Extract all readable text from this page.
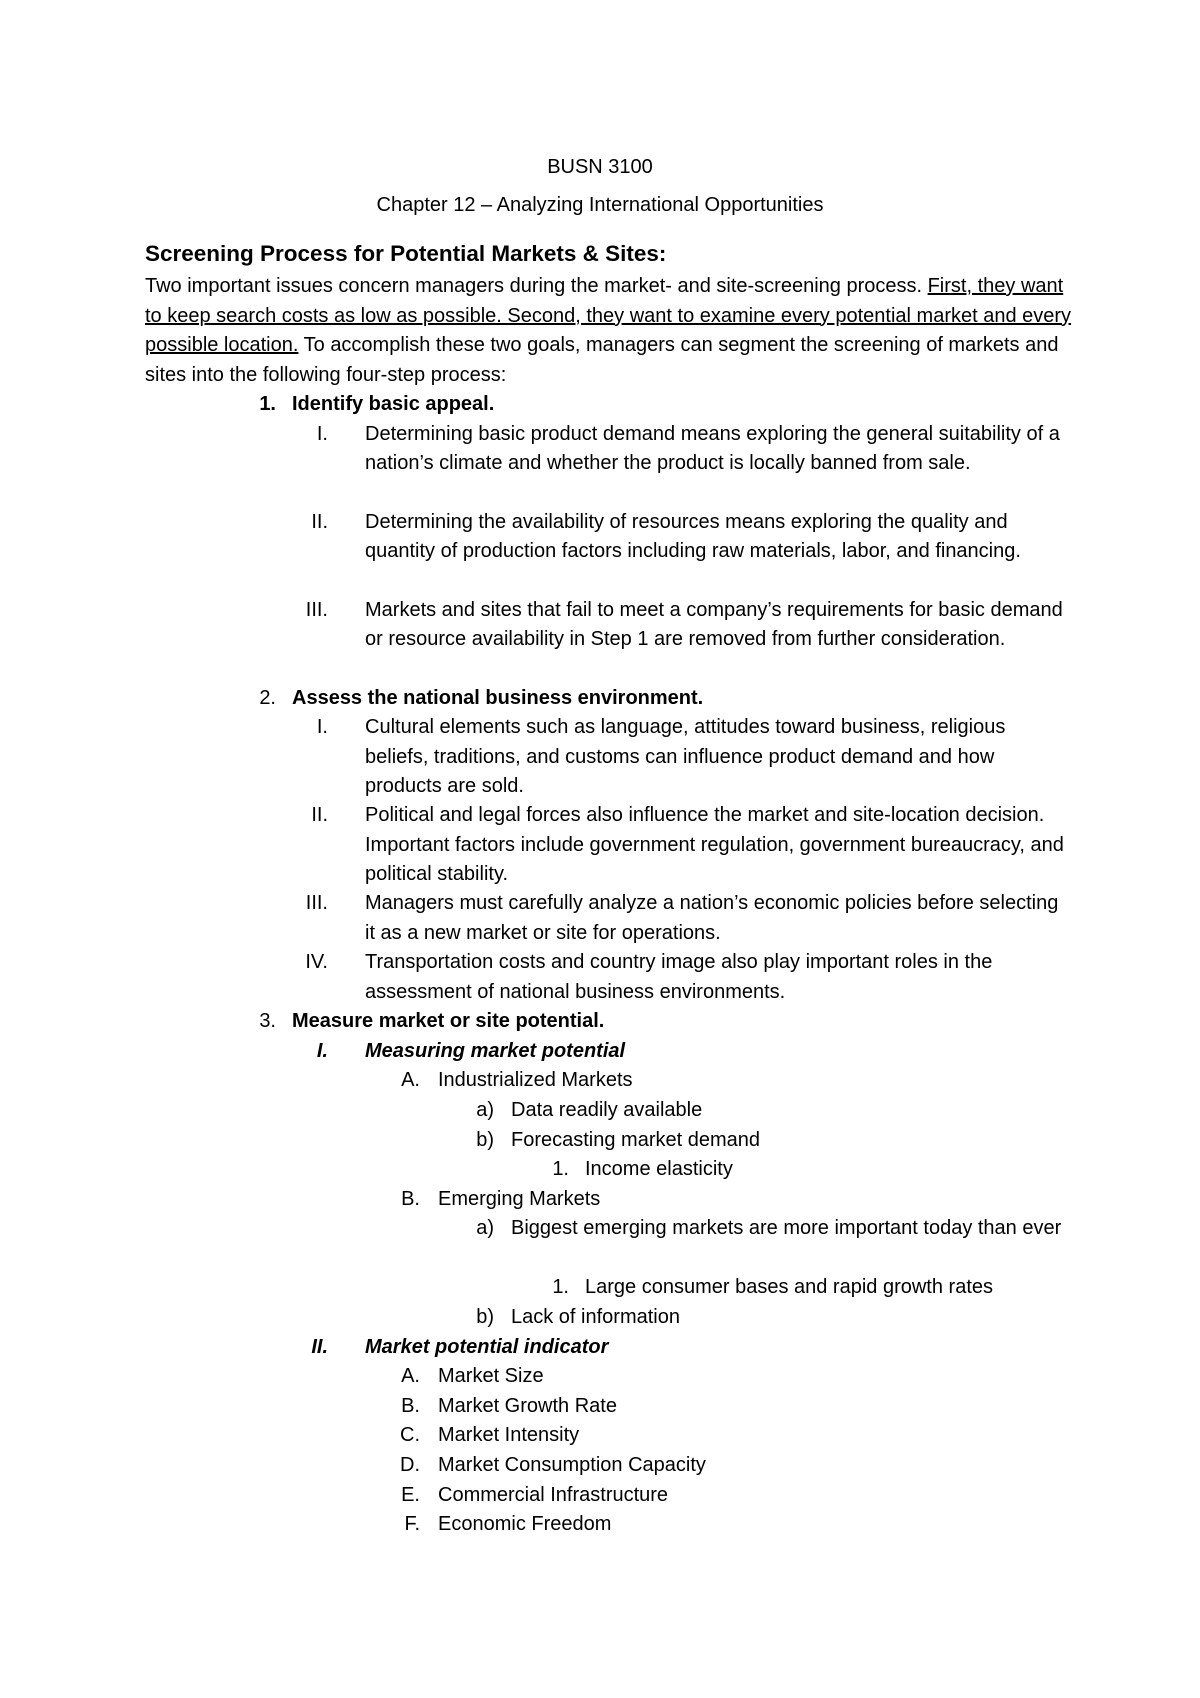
BUSN 3100
Chapter 12 – Analyzing International Opportunities
Screening Process for Potential Markets & Sites:
Two important issues concern managers during the market- and site-screening process. First, they want to keep search costs as low as possible. Second, they want to examine every potential market and every possible location. To accomplish these two goals, managers can segment the screening of markets and sites into the following four-step process:
1. Identify basic appeal.
I. Determining basic product demand means exploring the general suitability of a nation’s climate and whether the product is locally banned from sale.
II. Determining the availability of resources means exploring the quality and quantity of production factors including raw materials, labor, and financing.
III. Markets and sites that fail to meet a company’s requirements for basic demand or resource availability in Step 1 are removed from further consideration.
2. Assess the national business environment.
I. Cultural elements such as language, attitudes toward business, religious beliefs, traditions, and customs can influence product demand and how products are sold.
II. Political and legal forces also influence the market and site-location decision. Important factors include government regulation, government bureaucracy, and political stability.
III. Managers must carefully analyze a nation’s economic policies before selecting it as a new market or site for operations.
IV. Transportation costs and country image also play important roles in the assessment of national business environments.
3. Measure market or site potential.
I. Measuring market potential
A. Industrialized Markets
a) Data readily available
b) Forecasting market demand
1. Income elasticity
B. Emerging Markets
a) Biggest emerging markets are more important today than ever
1. Large consumer bases and rapid growth rates
b) Lack of information
II. Market potential indicator
A. Market Size
B. Market Growth Rate
C. Market Intensity
D. Market Consumption Capacity
E. Commercial Infrastructure
F. Economic Freedom
